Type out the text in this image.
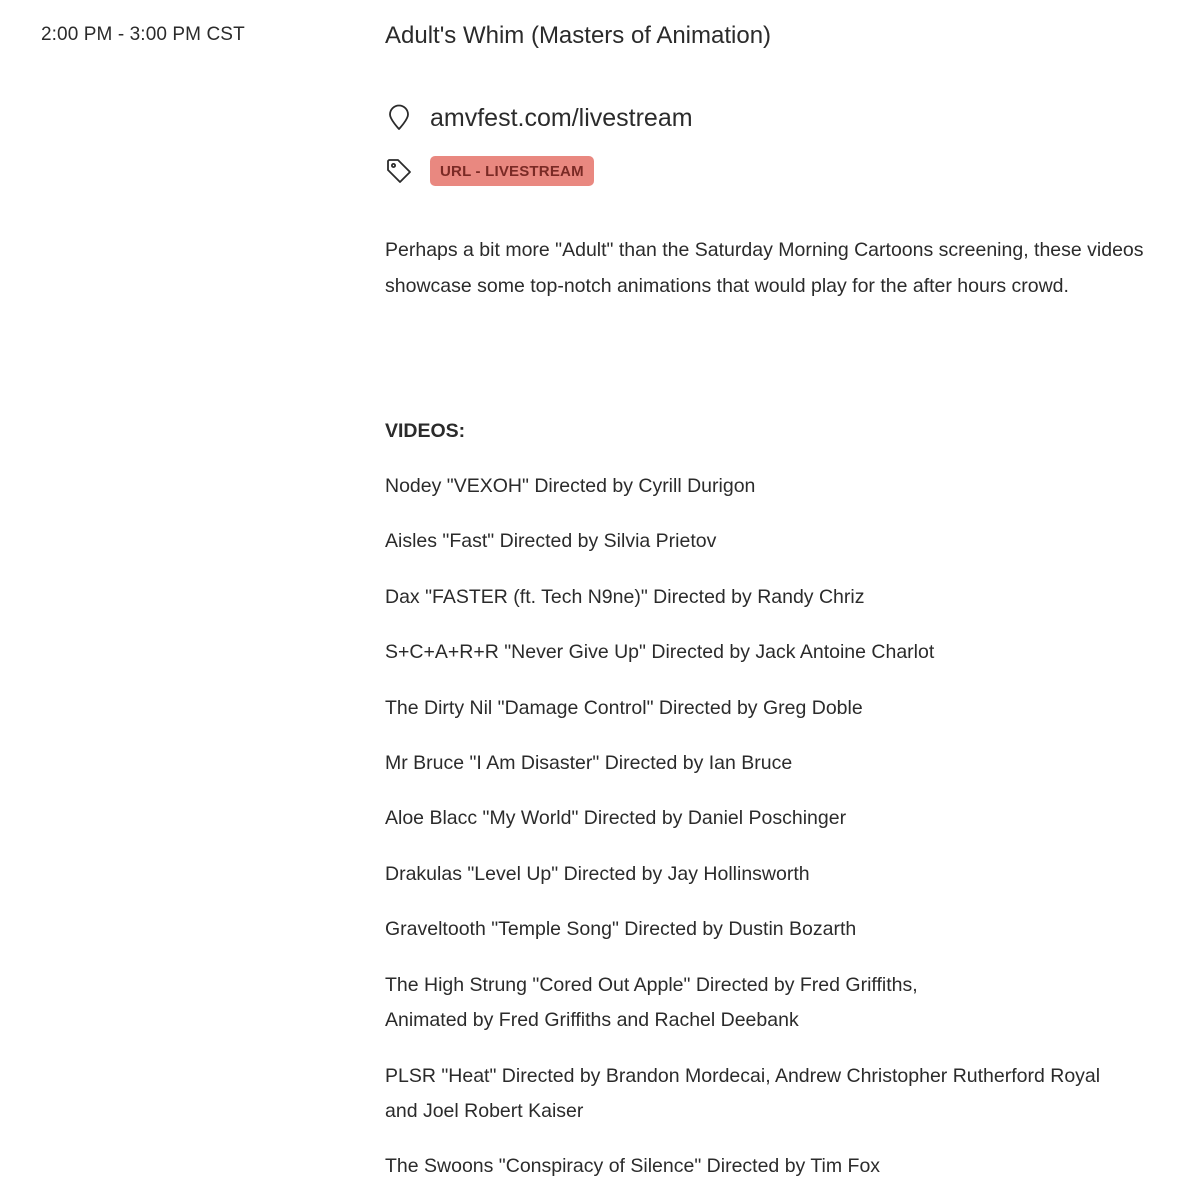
2:00 PM - 3:00 PM CST	Adult's Whim (Masters of Animation)
amvfest.com/livestream
URL - LIVESTREAM

Perhaps a bit more "Adult" than the Saturday Morning Cartoons screening, these videos showcase some top-notch animations that would play for the after hours crowd.

VIDEOS:
Nodey "VEXOH" Directed by Cyrill Durigon
Aisles "Fast" Directed by Silvia Prietov
Dax "FASTER (ft. Tech N9ne)" Directed by Randy Chriz
S+C+A+R+R "Never Give Up" Directed by Jack Antoine Charlot
The Dirty Nil "Damage Control" Directed by Greg Doble
Mr Bruce "I Am Disaster" Directed by Ian Bruce
Aloe Blacc "My World" Directed by Daniel Poschinger
Drakulas "Level Up" Directed by Jay Hollinsworth
Graveltooth "Temple Song" Directed by Dustin Bozarth
The High Strung "Cored Out Apple" Directed by Fred Griffiths,
Animated by Fred Griffiths and Rachel Deebank
PLSR "Heat" Directed by Brandon Mordecai, Andrew Christopher Rutherford Royal
and Joel Robert Kaiser
The Swoons "Conspiracy of Silence" Directed by Tim Fox
